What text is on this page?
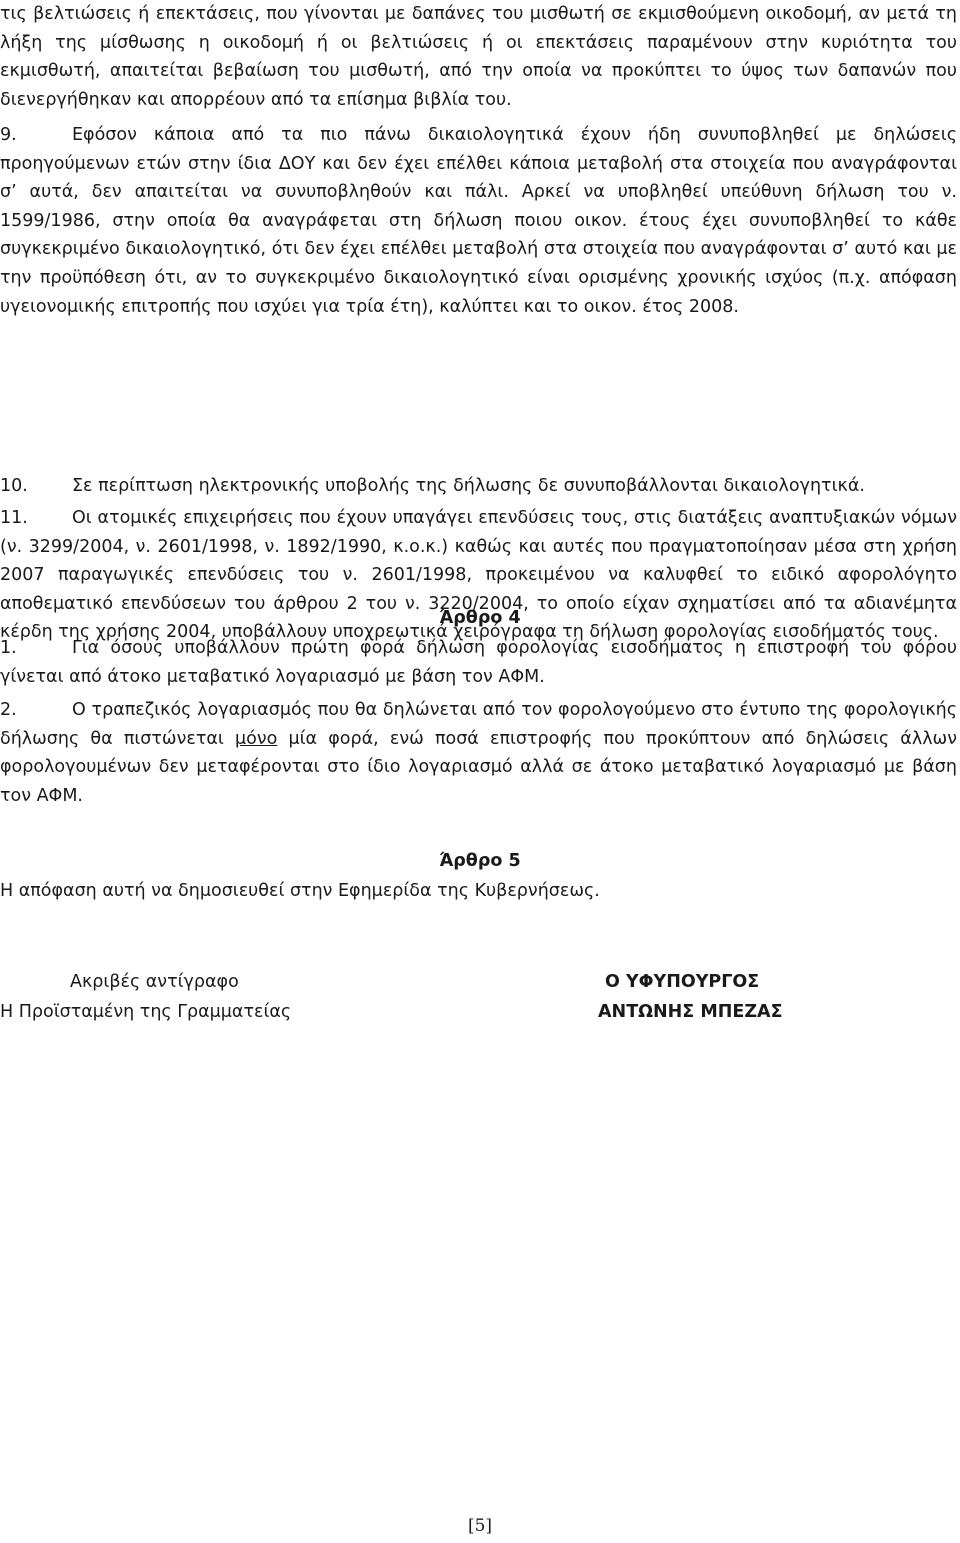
τις βελτιώσεις ή επεκτάσεις, που γίνονται με δαπάνες του μισθωτή σε εκμισθούμενη οικοδομή, αν μετά τη λήξη της μίσθωσης η οικοδομή ή οι βελτιώσεις ή οι επεκτάσεις παραμένουν στην κυριότητα του εκμισθωτή, απαιτείται βεβαίωση του μισθωτή, από την οποία να προκύπτει το ύψος των δαπανών που διενεργήθηκαν και απορρέουν από τα επίσημα βιβλία του.
9.	Εφόσον κάποια από τα πιο πάνω δικαιολογητικά έχουν ήδη συνυποβληθεί με δηλώσεις προηγούμενων ετών στην ίδια ΔΟΥ και δεν έχει επέλθει κάποια μεταβολή στα στοιχεία που αναγράφονται σ’ αυτά, δεν απαιτείται να συνυποβληθούν και πάλι. Αρκεί να υποβληθεί υπεύθυνη δήλωση του ν. 1599/1986, στην οποία θα αναγράφεται στη δήλωση ποιου οικον. έτους έχει συνυποβληθεί το κάθε συγκεκριμένο δικαιολογητικό, ότι δεν έχει επέλθει μεταβολή στα στοιχεία που αναγράφονται σ’ αυτό και με την προϋπόθεση ότι, αν το συγκεκριμένο δικαιολογητικό είναι ορισμένης χρονικής ισχύος (π.χ. απόφαση υγειονομικής επιτροπής που ισχύει για τρία έτη), καλύπτει και το οικον. έτος 2008.
10.	Σε περίπτωση ηλεκτρονικής υποβολής της δήλωσης δε συνυποβάλλονται δικαιολογητικά.
11.	Οι ατομικές επιχειρήσεις που έχουν υπαγάγει επενδύσεις τους, στις διατάξεις αναπτυξιακών νόμων (ν. 3299/2004, ν. 2601/1998, ν. 1892/1990, κ.ο.κ.) καθώς και αυτές που πραγματοποίησαν μέσα στη χρήση 2007 παραγωγικές επενδύσεις του ν. 2601/1998, προκειμένου να καλυφθεί το ειδικό αφορολόγητο αποθεματικό επενδύσεων του άρθρου 2 του ν. 3220/2004, το οποίο είχαν σχηματίσει από τα αδιανέμητα κέρδη της χρήσης 2004, υποβάλλουν υποχρεωτικά χειρόγραφα τη δήλωση φορολογίας εισοδήματός τους.
Άρθρο 4
1.	Για όσους υποβάλλουν πρώτη φορά δήλωση φορολογίας εισοδήματος η επιστροφή του φόρου γίνεται από άτοκο μεταβατικό λογαριασμό με βάση τον ΑΦΜ.
2.	Ο τραπεζικός λογαριασμός που θα δηλώνεται από τον φορολογούμενο στο έντυπο της φορολογικής δήλωσης θα πιστώνεται μόνο μία φορά, ενώ ποσά επιστροφής που προκύπτουν από δηλώσεις άλλων φορολογουμένων δεν μεταφέρονται στο ίδιο λογαριασμό αλλά σε άτοκο μεταβατικό λογαριασμό με βάση τον ΑΦΜ.
Άρθρο 5
Η απόφαση αυτή να δημοσιευθεί στην Εφημερίδα της Κυβερνήσεως.
Ακριβές αντίγραφο
Η Προϊσταμένη της Γραμματείας
Ο ΥΦΥΠΟΥΡΓΟΣ
ΑΝΤΩΝΗΣ ΜΠΕΖΑΣ
[5]
